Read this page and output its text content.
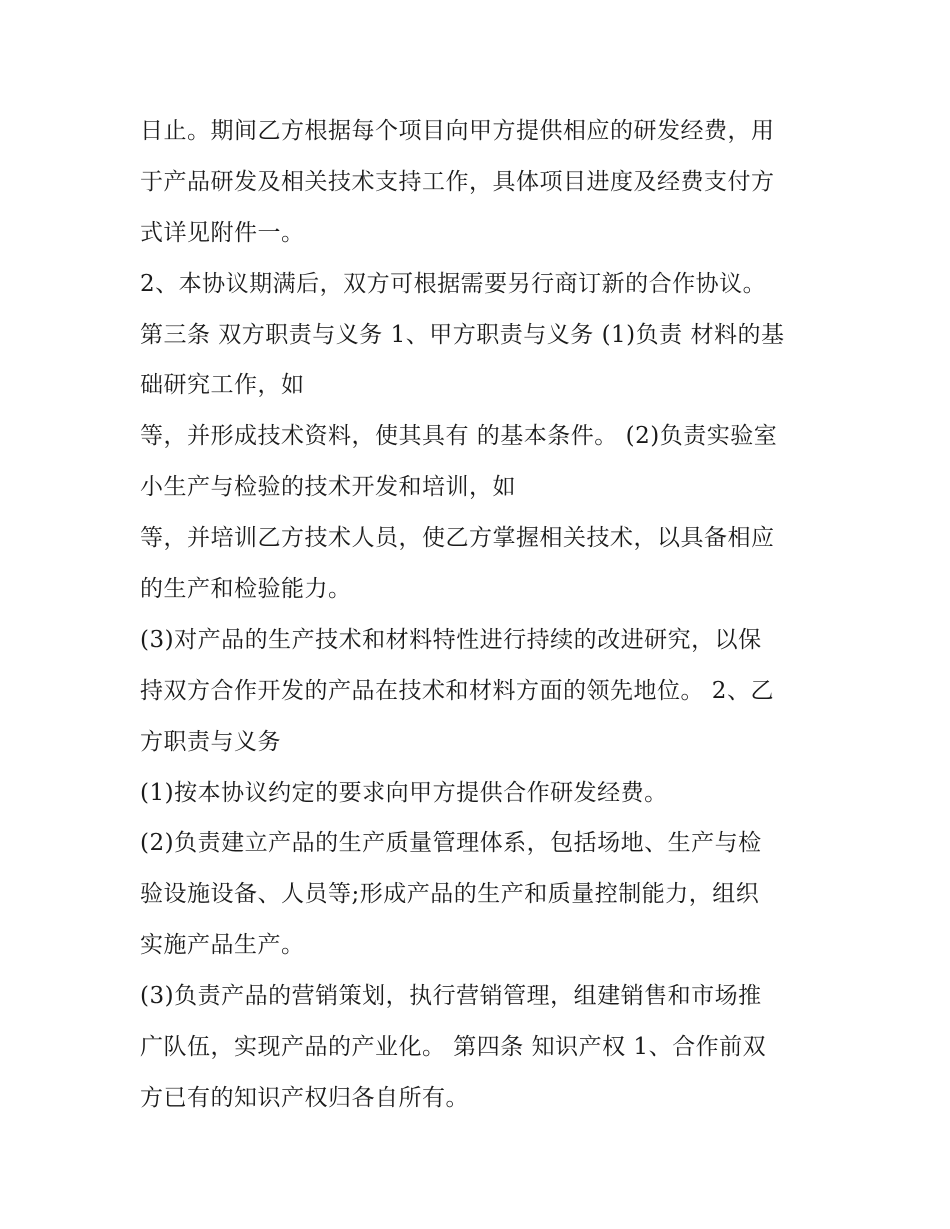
日止。期间乙方根据每个项目向甲方提供相应的研发经费，用
于产品研发及相关技术支持工作，具体项目进度及经费支付方
式详见附件一。
2、本协议期满后，双方可根据需要另行商订新的合作协议。
第三条 双方职责与义务 1、甲方职责与义务 (1)负责 材料的基
础研究工作，如
等，并形成技术资料，使其具有 的基本条件。 (2)负责实验室
小生产与检验的技术开发和培训，如
等，并培训乙方技术人员，使乙方掌握相关技术，以具备相应
的生产和检验能力。
(3)对产品的生产技术和材料特性进行持续的改进研究，以保
持双方合作开发的产品在技术和材料方面的领先地位。 2、乙
方职责与义务
(1)按本协议约定的要求向甲方提供合作研发经费。
(2)负责建立产品的生产质量管理体系，包括场地、生产与检
验设施设备、人员等;形成产品的生产和质量控制能力，组织
实施产品生产。
(3)负责产品的营销策划，执行营销管理，组建销售和市场推
广队伍，实现产品的产业化。 第四条 知识产权 1、合作前双
方已有的知识产权归各自所有。
